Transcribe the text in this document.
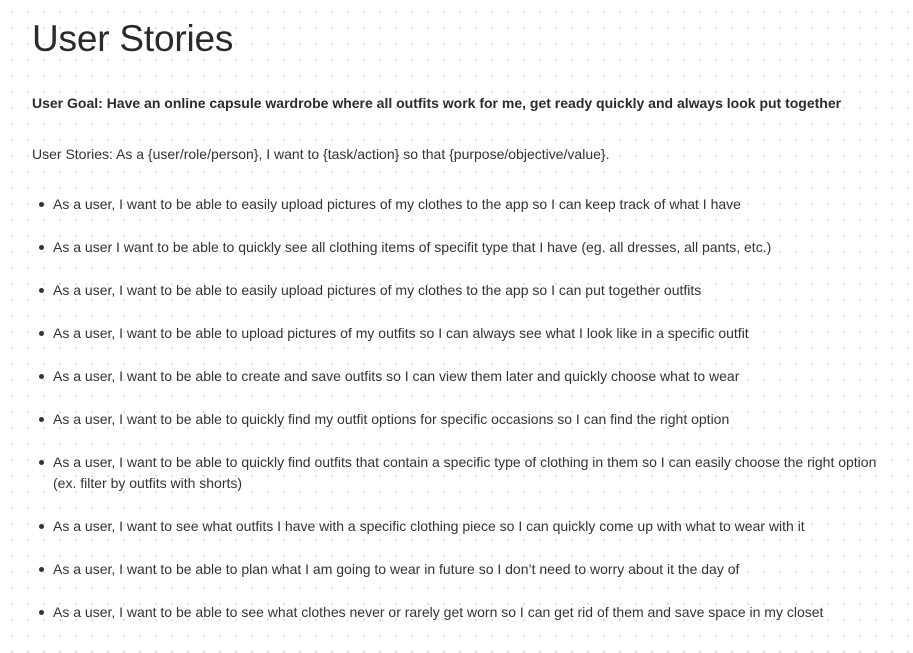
User Stories

User Goal: Have an online capsule wardrobe where all outfits work for me, get ready quickly and always look put together

User Stories: As a {user/role/person}, I want to {task/action} so that {purpose/objective/value}.

As a user, I want to be able to easily upload pictures of my clothes to the app so I can keep track of what I have
As a user I want to be able to quickly see all clothing items of specifit type that I have (eg. all dresses, all pants, etc.)
As a user, I want to be able to easily upload pictures of my clothes to the app so I can put together outfits
As a user, I want to be able to upload pictures of my outfits so I can always see what I look like in a specific outfit
As a user, I want to be able to create and save outfits so I can view them later and quickly choose what to wear
As a user, I want to be able to quickly find my outfit options for specific occasions so I can find the right option
As a user, I want to be able to quickly find outfits that contain a specific type of clothing in them so I can easily choose the right option (ex. filter by outfits with shorts)
As a user, I want to see what outfits I have with a specific clothing piece so I can quickly come up with what to wear with it
As a user, I want to be able to plan what I am going to wear in future so I don’t need to worry about it the day of
As a user, I want to be able to see what clothes never or rarely get worn so I can get rid of them and save space in my closet
